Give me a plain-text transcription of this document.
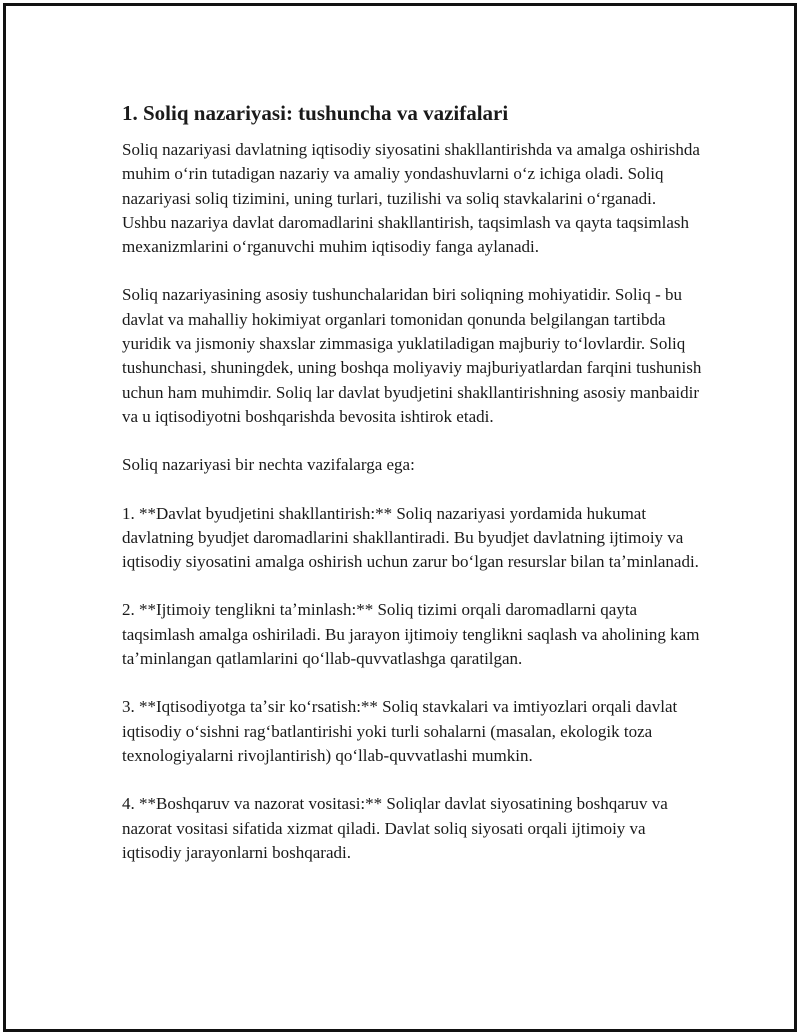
1. Soliq nazariyasi: tushuncha va vazifalari

Soliq nazariyasi davlatning iqtisodiy siyosatini shakllantirishda va amalga oshirishda muhim oʻrin tutadigan nazariy va amaliy yondashuvlarni oʻz ichiga oladi. Soliq nazariyasi soliq tizimini, uning turlari, tuzilishi va soliq stavkalarini oʻrganadi. Ushbu nazariya davlat daromadlarini shakllantirish, taqsimlash va qayta taqsimlash mexanizmlarini oʻrganuvchi muhim iqtisodiy fanga aylanadi.

Soliq nazariyasining asosiy tushunchalaridan biri soliqning mohiyatidir. Soliq - bu davlat va mahalliy hokimiyat organlari tomonidan qonunda belgilangan tartibda yuridik va jismoniy shaxslar zimmasiga yuklatiladigan majburiy toʻlovlardir. Soliq tushunchasi, shuningdek, uning boshqa moliyaviy majburiyatlardan farqini tushunish uchun ham muhimdir. Soliq lar davlat byudjetini shakllantirishning asosiy manbaidir va u iqtisodiyotni boshqarishda bevosita ishtirok etadi.

Soliq nazariyasi bir nechta vazifalarga ega:

1. **Davlat byudjetini shakllantirish:** Soliq nazariyasi yordamida hukumat davlatning byudjet daromadlarini shakllantiradi. Bu byudjet davlatning ijtimoiy va iqtisodiy siyosatini amalga oshirish uchun zarur boʻlgan resurslar bilan taʼminlanadi.

2. **Ijtimoiy tenglikni taʼminlash:** Soliq tizimi orqali daromadlarni qayta taqsimlash amalga oshiriladi. Bu jarayon ijtimoiy tenglikni saqlash va aholining kam taʼminlangan qatlamlarini qoʻllab-quvvatlashga qaratilgan.

3. **Iqtisodiyotga taʼsir koʻrsatish:** Soliq stavkalari va imtiyozlari orqali davlat iqtisodiy oʻsishni ragʻbatlantirishi yoki turli sohalarni (masalan, ekologik toza texnologiyalarni rivojlantirish) qoʻllab-quvvatlashi mumkin.

4. **Boshqaruv va nazorat vositasi:** Soliqlar davlat siyosatining boshqaruv va nazorat vositasi sifatida xizmat qiladi. Davlat soliq siyosati orqali ijtimoiy va iqtisodiy jarayonlarni boshqaradi.
